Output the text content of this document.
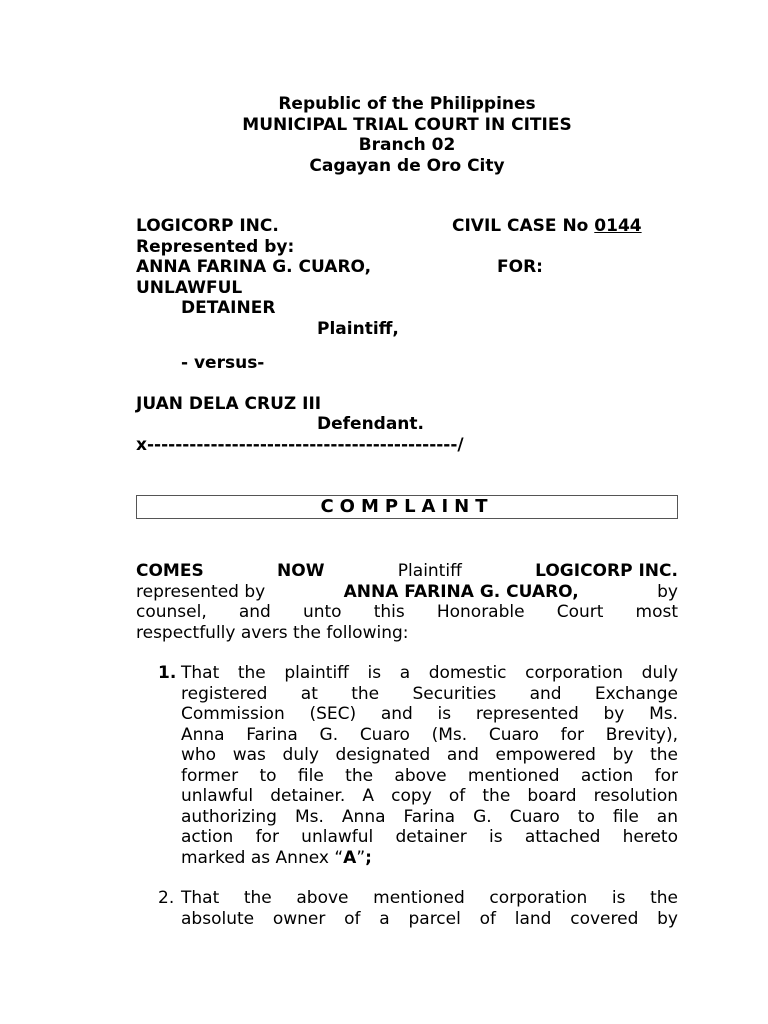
Republic of the Philippines
MUNICIPAL TRIAL COURT IN CITIES
Branch 02
Cagayan de Oro City
LOGICORP INC.	CIVIL CASE No 0144
Represented by:
ANNA FARINA G. CUARO,	FOR:
UNLAWFUL
DETAINER
Plaintiff,
- versus-
JUAN DELA CRUZ III
Defendant.
x--------------------------------------------/
COMPLAINT
COMES	NOW	Plaintiff	LOGICORP INC.
represented by	ANNA FARINA G. CUARO,	by
counsel, and unto this Honorable Court most
respectfully avers the following:
1. That the plaintiff is a domestic corporation duly
registered at the Securities and Exchange
Commission (SEC) and is represented by Ms.
Anna Farina G. Cuaro (Ms. Cuaro for Brevity),
who was duly designated and empowered by the
former to file the above mentioned action for
unlawful detainer. A copy of the board resolution
authorizing Ms. Anna Farina G. Cuaro to file an
action for unlawful detainer is attached hereto
marked as Annex “A”;
2. That the above mentioned corporation is the
absolute owner of a parcel of land covered by
